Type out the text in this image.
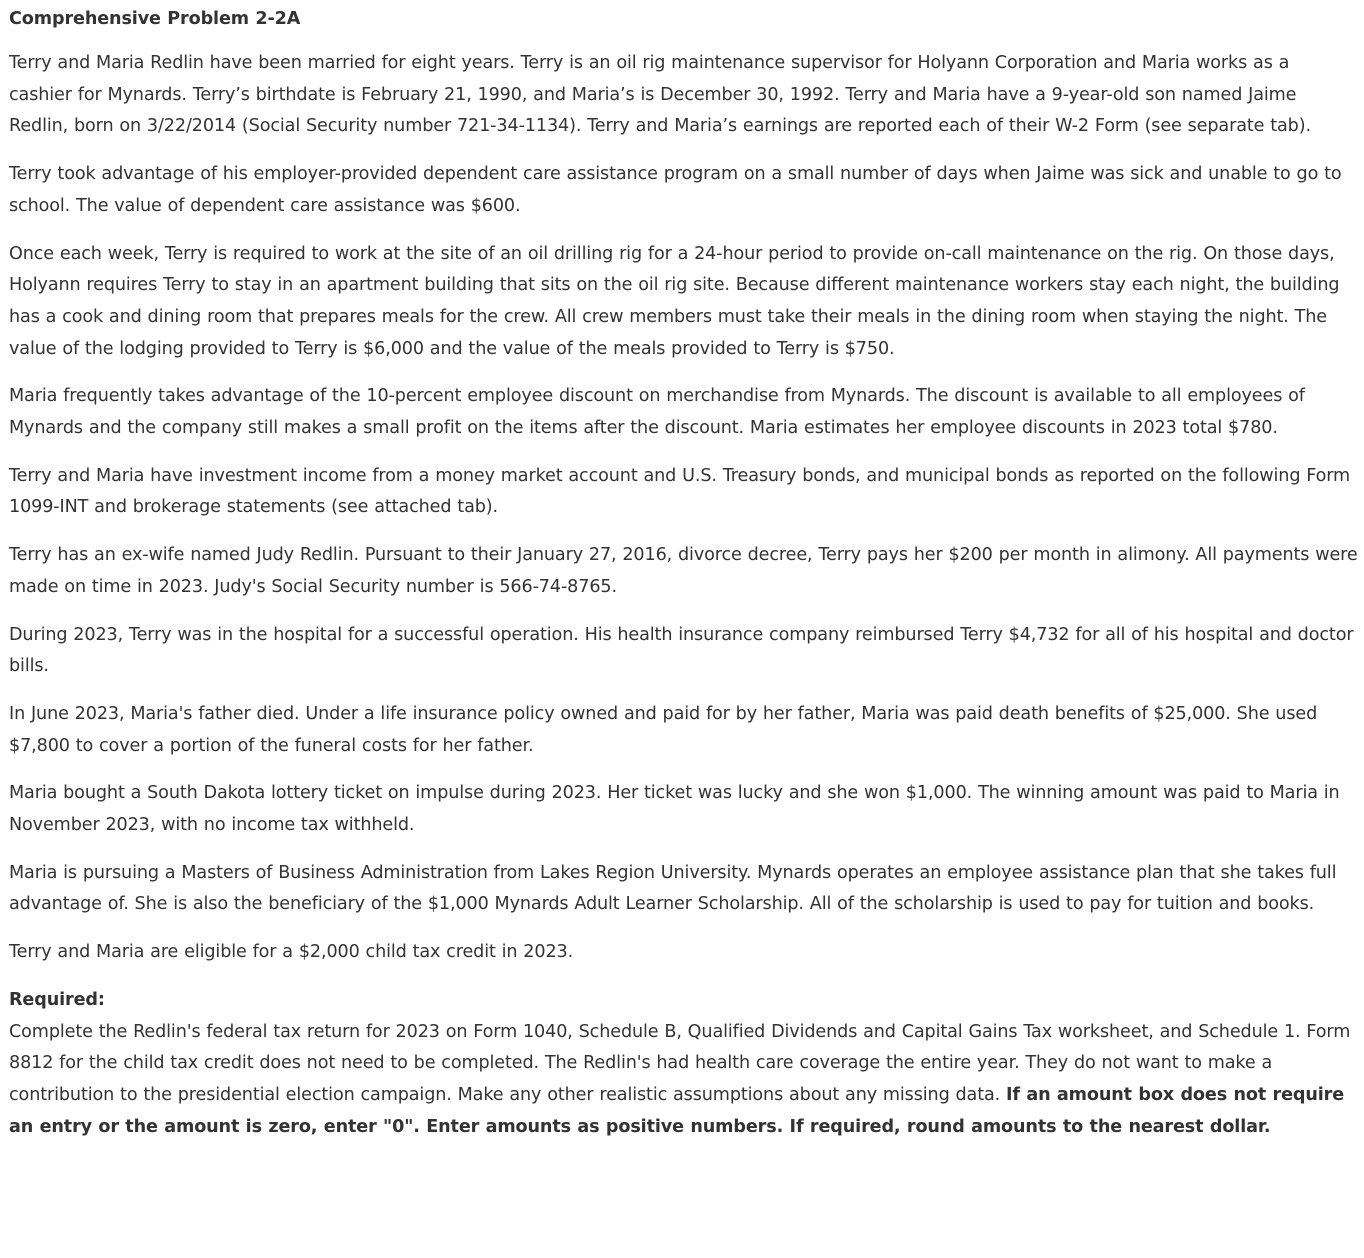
Comprehensive Problem 2-2A

Terry and Maria Redlin have been married for eight years. Terry is an oil rig maintenance supervisor for Holyann Corporation and Maria works as a cashier for Mynards. Terry’s birthdate is February 21, 1990, and Maria’s is December 30, 1992. Terry and Maria have a 9-year-old son named Jaime Redlin, born on 3/22/2014 (Social Security number 721-34-1134). Terry and Maria’s earnings are reported each of their W-2 Form (see separate tab).

Terry took advantage of his employer-provided dependent care assistance program on a small number of days when Jaime was sick and unable to go to school. The value of dependent care assistance was $600.

Once each week, Terry is required to work at the site of an oil drilling rig for a 24-hour period to provide on-call maintenance on the rig. On those days, Holyann requires Terry to stay in an apartment building that sits on the oil rig site. Because different maintenance workers stay each night, the building has a cook and dining room that prepares meals for the crew. All crew members must take their meals in the dining room when staying the night. The value of the lodging provided to Terry is $6,000 and the value of the meals provided to Terry is $750.

Maria frequently takes advantage of the 10-percent employee discount on merchandise from Mynards. The discount is available to all employees of Mynards and the company still makes a small profit on the items after the discount. Maria estimates her employee discounts in 2023 total $780.

Terry and Maria have investment income from a money market account and U.S. Treasury bonds, and municipal bonds as reported on the following Form 1099-INT and brokerage statements (see attached tab).

Terry has an ex-wife named Judy Redlin. Pursuant to their January 27, 2016, divorce decree, Terry pays her $200 per month in alimony. All payments were made on time in 2023. Judy's Social Security number is 566-74-8765.

During 2023, Terry was in the hospital for a successful operation. His health insurance company reimbursed Terry $4,732 for all of his hospital and doctor bills.

In June 2023, Maria's father died. Under a life insurance policy owned and paid for by her father, Maria was paid death benefits of $25,000. She used $7,800 to cover a portion of the funeral costs for her father.

Maria bought a South Dakota lottery ticket on impulse during 2023. Her ticket was lucky and she won $1,000. The winning amount was paid to Maria in November 2023, with no income tax withheld.

Maria is pursuing a Masters of Business Administration from Lakes Region University. Mynards operates an employee assistance plan that she takes full advantage of. She is also the beneficiary of the $1,000 Mynards Adult Learner Scholarship. All of the scholarship is used to pay for tuition and books.

Terry and Maria are eligible for a $2,000 child tax credit in 2023.

Required:

Complete the Redlin's federal tax return for 2023 on Form 1040, Schedule B, Qualified Dividends and Capital Gains Tax worksheet, and Schedule 1. Form 8812 for the child tax credit does not need to be completed. The Redlin's had health care coverage the entire year. They do not want to make a contribution to the presidential election campaign. Make any other realistic assumptions about any missing data. If an amount box does not require an entry or the amount is zero, enter "0". Enter amounts as positive numbers. If required, round amounts to the nearest dollar.
